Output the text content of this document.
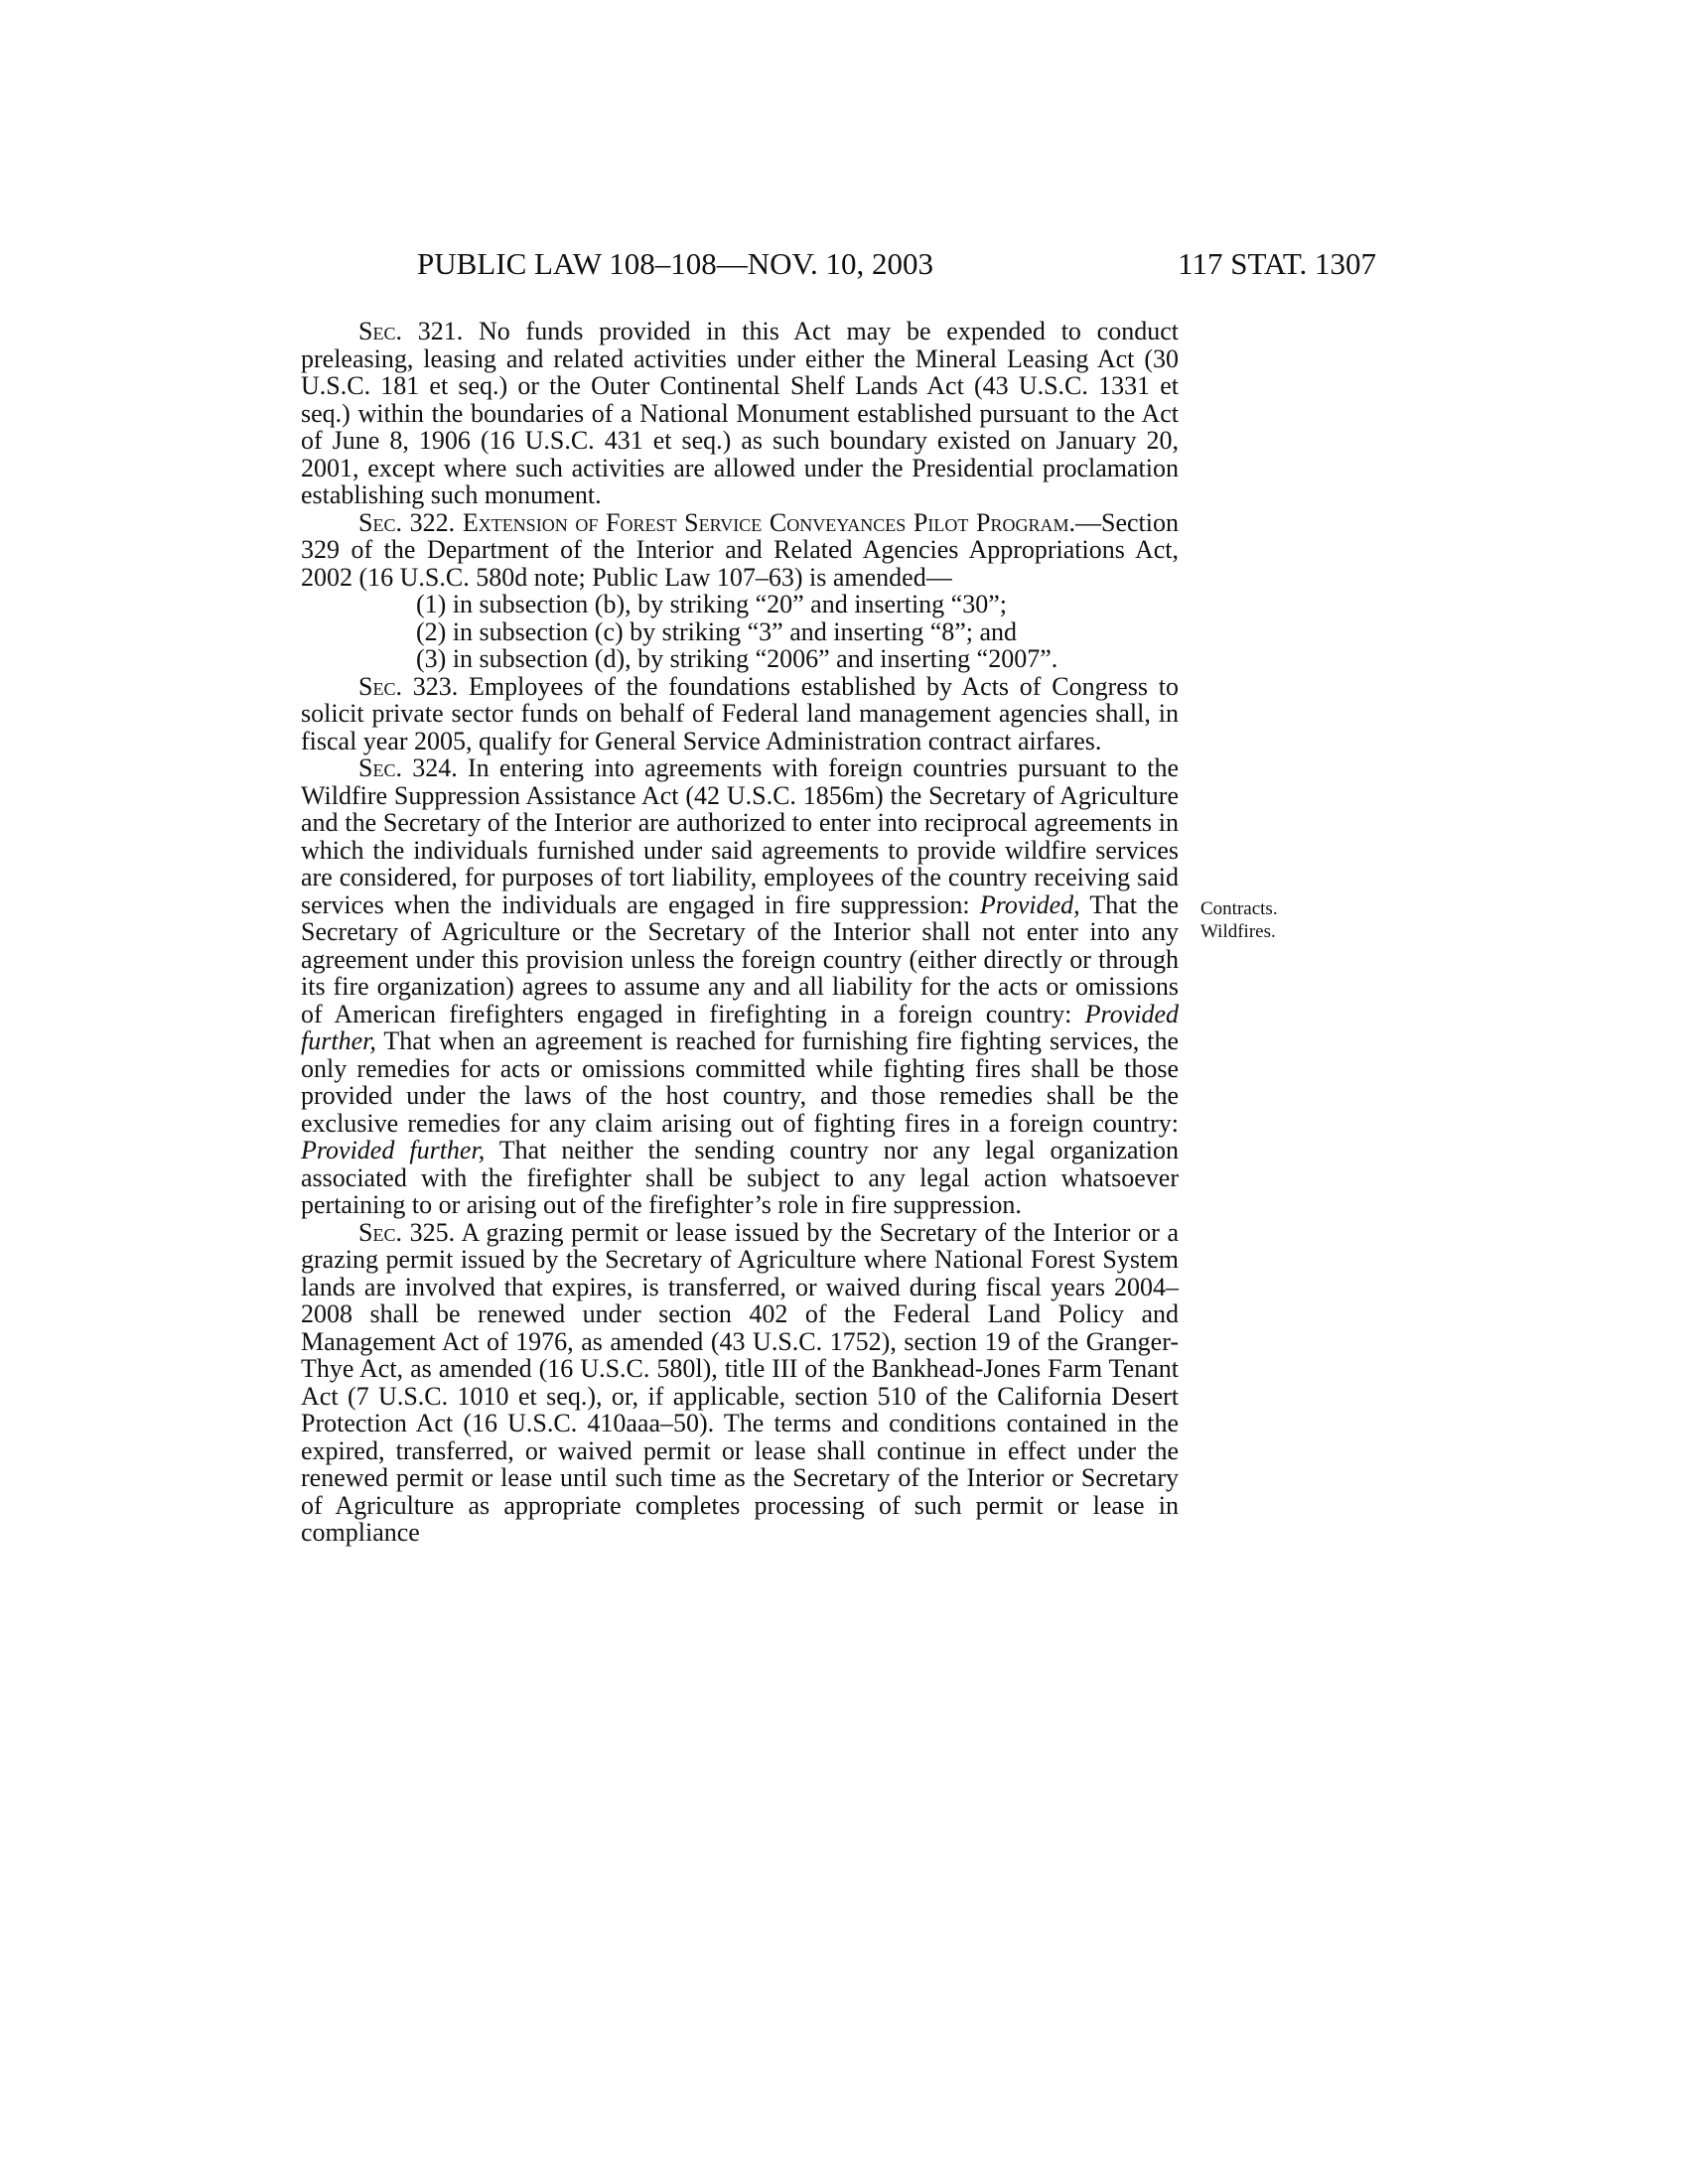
PUBLIC LAW 108–108—NOV. 10, 2003	117 STAT. 1307
Contracts.
Wildfires.

Sec. 321. No funds provided in this Act may be expended to conduct preleasing, leasing and related activities under either the Mineral Leasing Act (30 U.S.C. 181 et seq.) or the Outer Continental Shelf Lands Act (43 U.S.C. 1331 et seq.) within the boundaries of a National Monument established pursuant to the Act of June 8, 1906 (16 U.S.C. 431 et seq.) as such boundary existed on January 20, 2001, except where such activities are allowed under the Presidential proclamation establishing such monument.

Sec. 322. Extension of Forest Service Conveyances Pilot Program.—Section 329 of the Department of the Interior and Related Agencies Appropriations Act, 2002 (16 U.S.C. 580d note; Public Law 107–63) is amended—

(1) in subsection (b), by striking “20” and inserting “30”;

(2) in subsection (c) by striking “3” and inserting “8”; and

(3) in subsection (d), by striking “2006” and inserting “2007”.

Sec. 323. Employees of the foundations established by Acts of Congress to solicit private sector funds on behalf of Federal land management agencies shall, in fiscal year 2005, qualify for General Service Administration contract airfares.

Sec. 324. In entering into agreements with foreign countries pursuant to the Wildfire Suppression Assistance Act (42 U.S.C. 1856m) the Secretary of Agriculture and the Secretary of the Interior are authorized to enter into reciprocal agreements in which the individuals furnished under said agreements to provide wildfire services are considered, for purposes of tort liability, employees of the country receiving said services when the individuals are engaged in fire suppression: Provided, That the Secretary of Agriculture or the Secretary of the Interior shall not enter into any agreement under this provision unless the foreign country (either directly or through its fire organization) agrees to assume any and all liability for the acts or omissions of American firefighters engaged in firefighting in a foreign country: Provided further, That when an agreement is reached for furnishing fire fighting services, the only remedies for acts or omissions committed while fighting fires shall be those provided under the laws of the host country, and those remedies shall be the exclusive remedies for any claim arising out of fighting fires in a foreign country: Provided further, That neither the sending country nor any legal organization associated with the firefighter shall be subject to any legal action whatsoever pertaining to or arising out of the firefighter’s role in fire suppression.

Sec. 325. A grazing permit or lease issued by the Secretary of the Interior or a grazing permit issued by the Secretary of Agriculture where National Forest System lands are involved that expires, is transferred, or waived during fiscal years 2004–2008 shall be renewed under section 402 of the Federal Land Policy and Management Act of 1976, as amended (43 U.S.C. 1752), section 19 of the Granger-Thye Act, as amended (16 U.S.C. 580l), title III of the Bankhead-Jones Farm Tenant Act (7 U.S.C. 1010 et seq.), or, if applicable, section 510 of the California Desert Protection Act (16 U.S.C. 410aaa–50). The terms and conditions contained in the expired, transferred, or waived permit or lease shall continue in effect under the renewed permit or lease until such time as the Secretary of the Interior or Secretary of Agriculture as appropriate completes processing of such permit or lease in compliance
